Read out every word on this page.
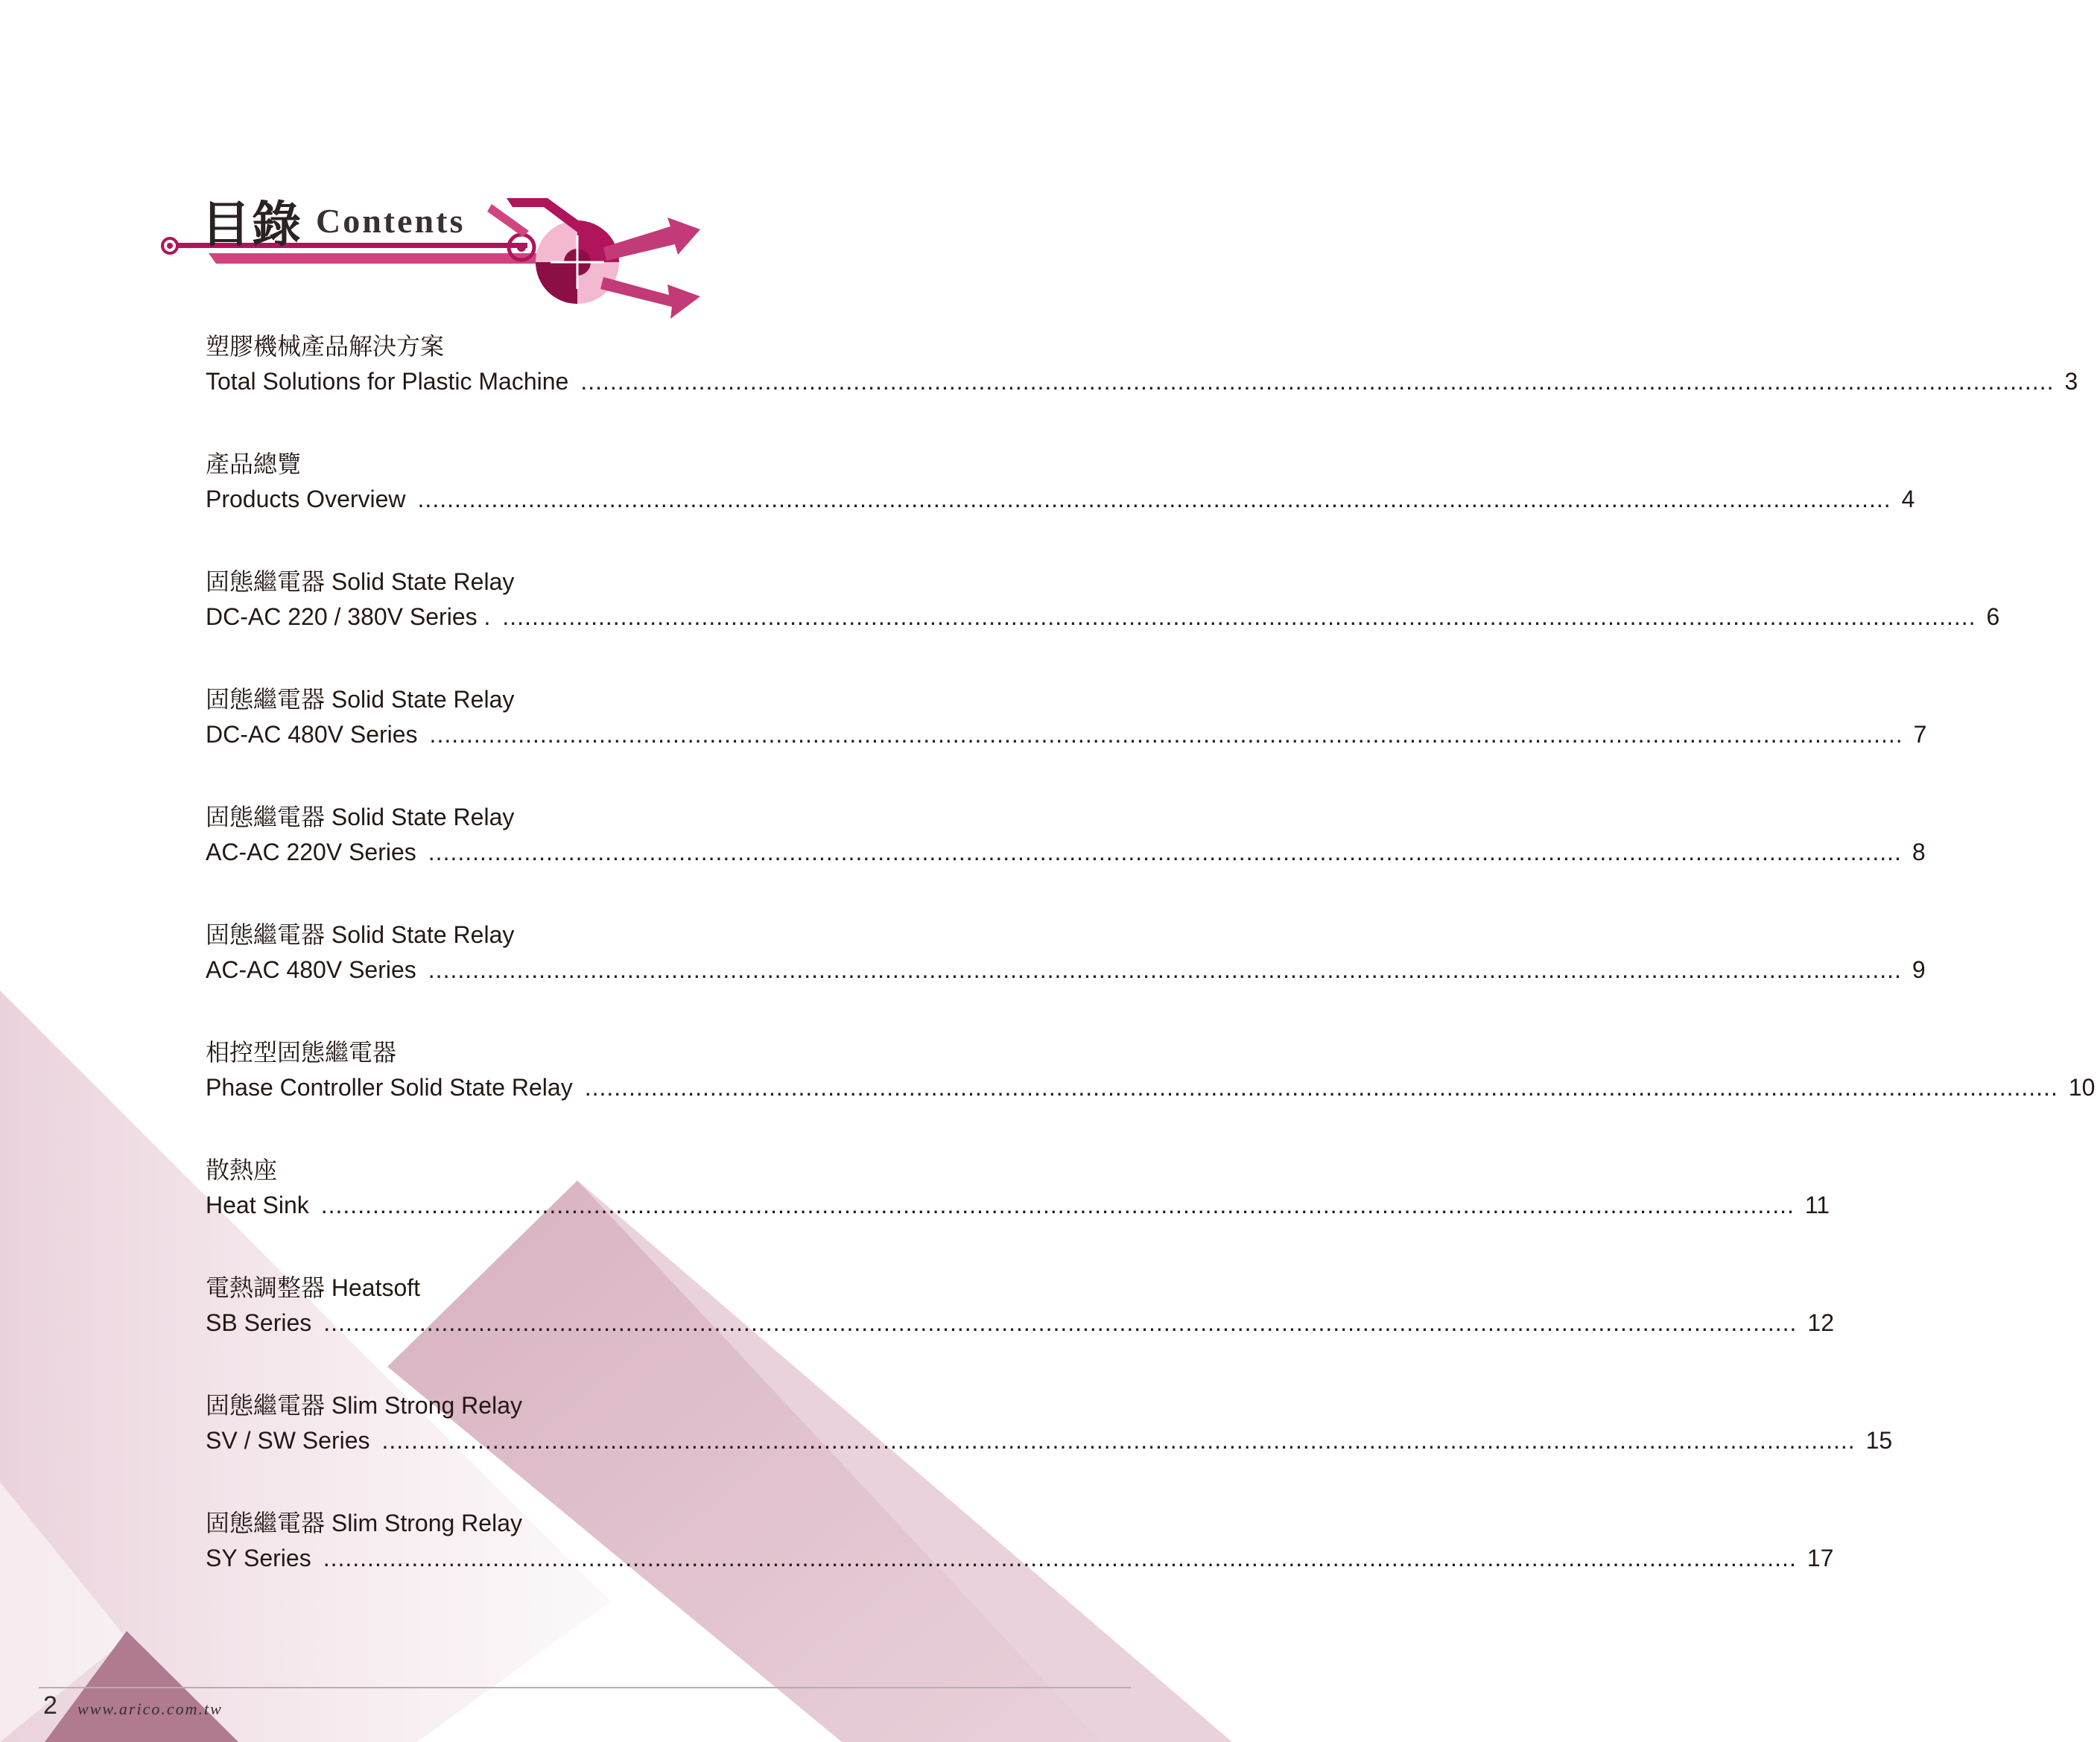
目錄 Contents
塑膠機械產品解決方案
Total Solutions for Plastic Machine ........................................................................................................................................................................................................ 3
產品總覽
Products Overview ........................................................................................................................................................................................................ 4
固態繼電器 Solid State Relay
DC-AC 220 / 380V Series . ........................................................................................................................................................................................................ 6
固態繼電器 Solid State Relay
DC-AC 480V Series ........................................................................................................................................................................................................ 7
固態繼電器 Solid State Relay
AC-AC 220V Series ........................................................................................................................................................................................................ 8
固態繼電器 Solid State Relay
AC-AC 480V Series ........................................................................................................................................................................................................ 9
相控型固態繼電器
Phase Controller Solid State Relay ........................................................................................................................................................................................................ 10
散熱座
Heat Sink ........................................................................................................................................................................................................ 11
電熱調整器 Heatsoft
SB Series ........................................................................................................................................................................................................ 12
固態繼電器 Slim Strong Relay
SV / SW Series ........................................................................................................................................................................................................ 15
固態繼電器 Slim Strong Relay
SY Series ........................................................................................................................................................................................................ 17
2 www.arico.com.tw
